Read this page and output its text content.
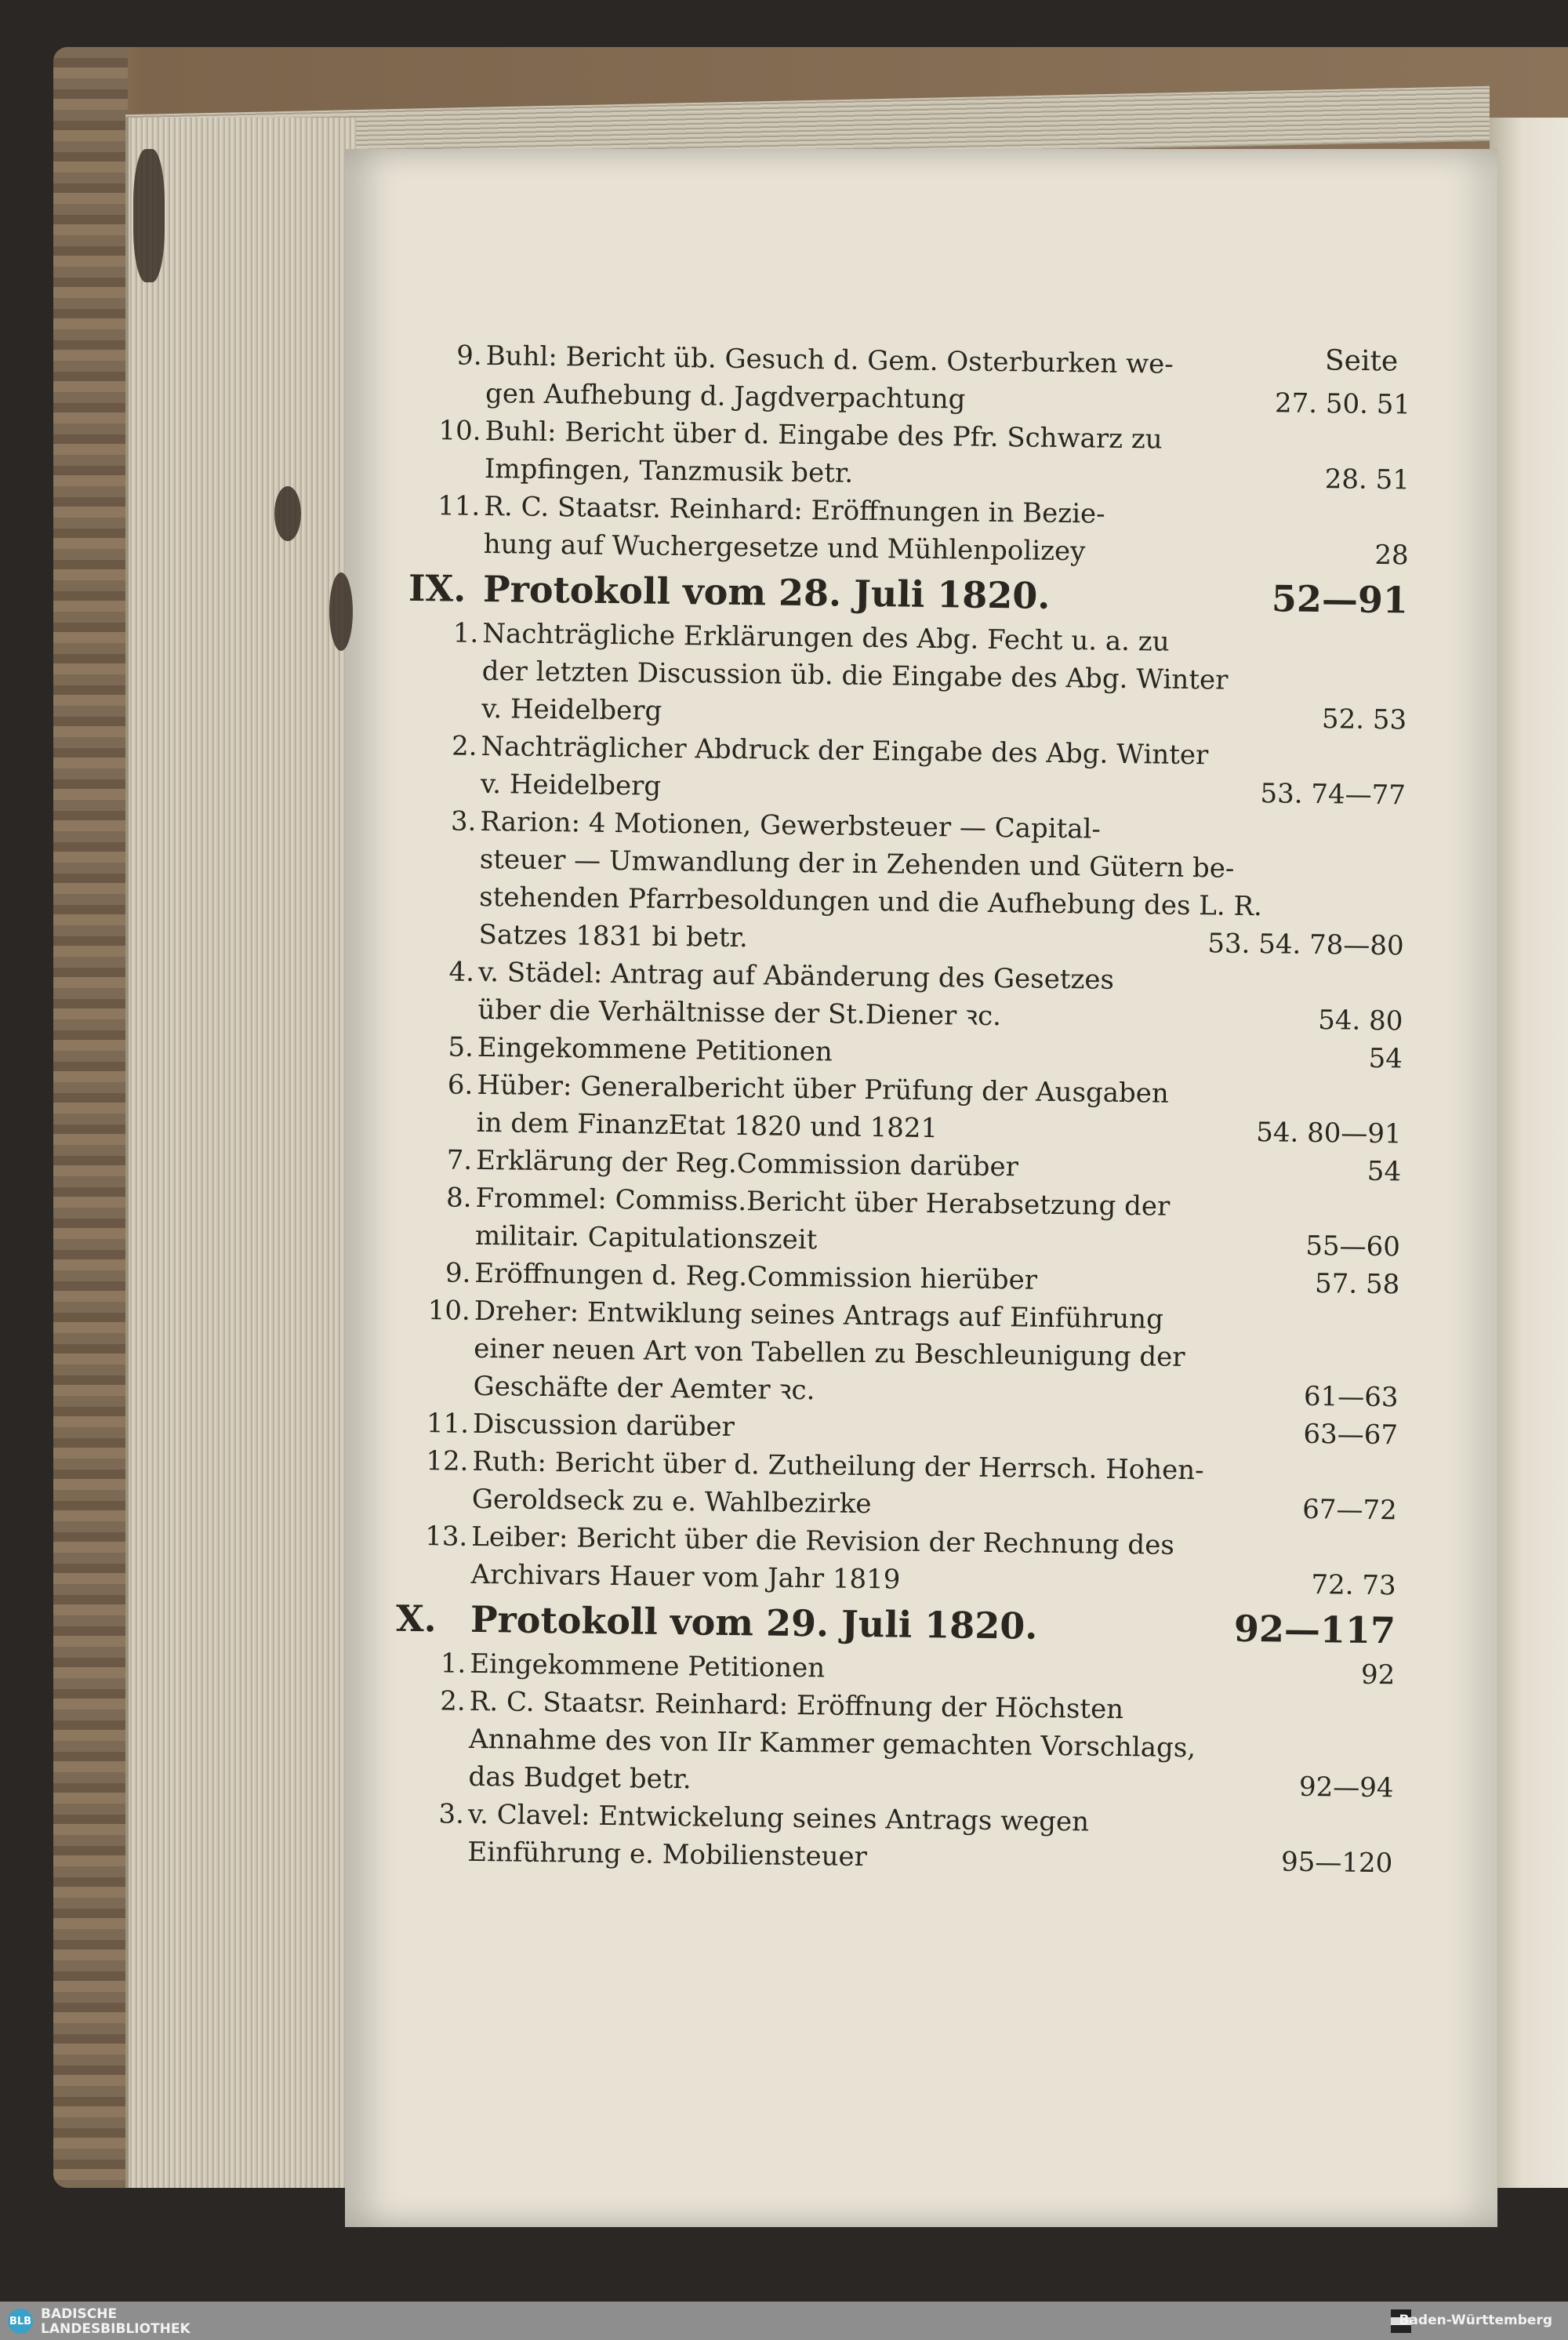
Seite
9. Buhl: Bericht üb. Gesuch d. Gem. Osterburken we-
gen Aufhebung d. Jagdverpachtung	27. 50. 51
10. Buhl: Bericht über d. Eingabe des Pfr. Schwarz zu
Impfingen, Tanzmusik betr.	28. 51
11. R. C. Staatsr. Reinhard: Eröffnungen in Bezie-
hung auf Wuchergesetze und Mühlenpolizey	28
IX. Protokoll vom 28. Juli 1820.	52—91
1. Nachträgliche Erklärungen des Abg. Fecht u. a. zu
der letzten Discussion üb. die Eingabe des Abg. Winter
v. Heidelberg	52. 53
2. Nachträglicher Abdruck der Eingabe des Abg. Winter
v. Heidelberg	53. 74—77
3. Rarion: 4 Motionen, Gewerbsteuer — Capital-
steuer — Umwandlung der in Zehenden und Gütern be-
stehenden Pfarrbesoldungen und die Aufhebung des L. R.
Satzes 1831 bi betr.	53. 54. 78—80
4. v. Städel: Antrag auf Abänderung des Gesetzes
über die Verhältnisse der St.Diener ꝛc.	54. 80
5. Eingekommene Petitionen	54
6. Hüber: Generalbericht über Prüfung der Ausgaben
in dem FinanzEtat 1820 und 1821	54. 80—91
7. Erklärung der Reg.Commission darüber	54
8. Frommel: Commiss.Bericht über Herabsetzung der
militair. Capitulationszeit	55—60
9. Eröffnungen d. Reg.Commission hierüber	57. 58
10. Dreher: Entwiklung seines Antrags auf Einführung
einer neuen Art von Tabellen zu Beschleunigung der
Geschäfte der Aemter ꝛc.	61—63
11. Discussion darüber	63—67
12. Ruth: Bericht über d. Zutheilung der Herrsch. Hohen-
Geroldseck zu e. Wahlbezirke	67—72
13. Leiber: Bericht über die Revision der Rechnung des
Archivars Hauer vom Jahr 1819	72. 73
X. Protokoll vom 29. Juli 1820.	92—117
1. Eingekommene Petitionen	92
2. R. C. Staatsr. Reinhard: Eröffnung der Höchsten
Annahme des von IIr Kammer gemachten Vorschlags,
das Budget betr.	92—94
3. v. Clavel: Entwickelung seines Antrags wegen
Einführung e. Mobiliensteuer	95—120
BLB BADISCHE
LANDESBIBLIOTHEK
Baden-Württemberg
